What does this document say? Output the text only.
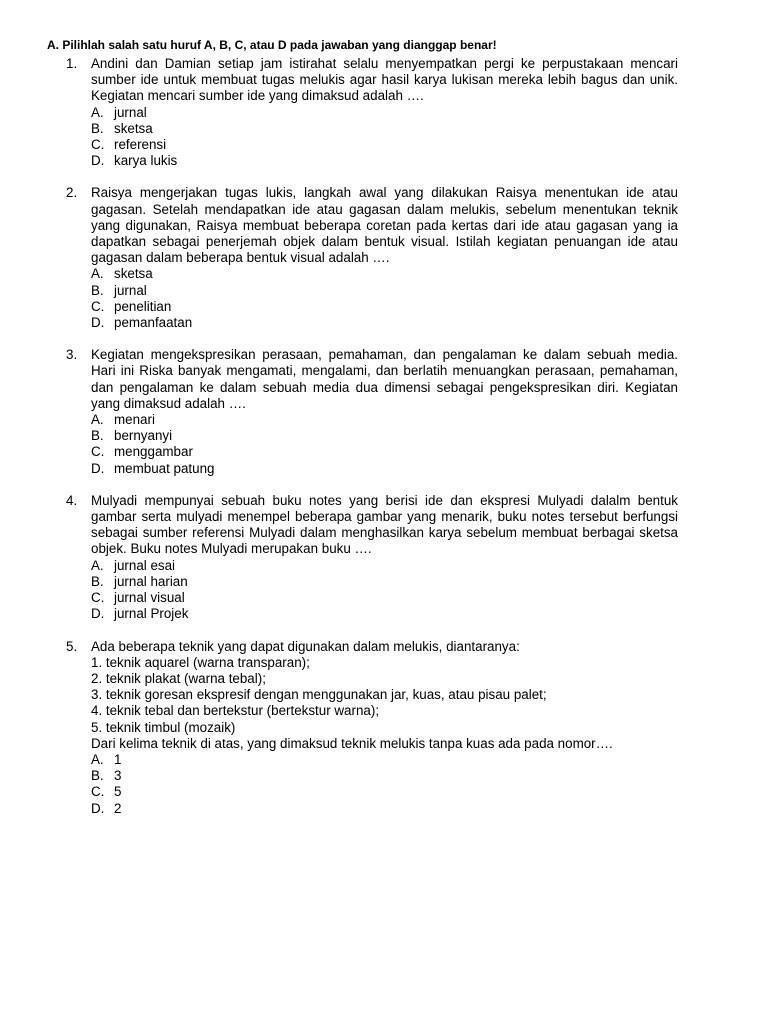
A. Pilihlah salah satu huruf A, B, C, atau D pada jawaban yang dianggap benar!
1. Andini dan Damian setiap jam istirahat selalu menyempatkan pergi ke perpustakaan mencari sumber ide untuk membuat tugas melukis agar hasil karya lukisan mereka lebih bagus dan unik. Kegiatan mencari sumber ide yang dimaksud adalah ….
A. jurnal
B. sketsa
C. referensi
D. karya lukis
2. Raisya mengerjakan tugas lukis, langkah awal yang dilakukan Raisya menentukan ide atau gagasan. Setelah mendapatkan ide atau gagasan dalam melukis, sebelum menentukan teknik yang digunakan, Raisya membuat beberapa coretan pada kertas dari ide atau gagasan yang ia dapatkan sebagai penerjemah objek dalam bentuk visual. Istilah kegiatan penuangan ide atau gagasan dalam beberapa bentuk visual adalah ….
A. sketsa
B. jurnal
C. penelitian
D. pemanfaatan
3. Kegiatan mengekspresikan perasaan, pemahaman, dan pengalaman ke dalam sebuah media. Hari ini Riska banyak mengamati, mengalami, dan berlatih menuangkan perasaan, pemahaman, dan pengalaman ke dalam sebuah media dua dimensi sebagai pengekspresikan diri. Kegiatan yang dimaksud adalah ….
A. menari
B. bernyanyi
C. menggambar
D. membuat patung
4. Mulyadi mempunyai sebuah buku notes yang berisi ide dan ekspresi Mulyadi dalalm bentuk gambar serta mulyadi menempel beberapa gambar yang menarik, buku notes tersebut berfungsi sebagai sumber referensi Mulyadi dalam menghasilkan karya sebelum membuat berbagai sketsa objek. Buku notes Mulyadi merupakan buku ….
A. jurnal esai
B. jurnal harian
C. jurnal visual
D. jurnal Projek
5. Ada beberapa teknik yang dapat digunakan dalam melukis, diantaranya:
1. teknik aquarel (warna transparan);
2. teknik plakat (warna tebal);
3. teknik goresan ekspresif dengan menggunakan jar, kuas, atau pisau palet;
4. teknik tebal dan bertekstur (bertekstur warna);
5. teknik timbul (mozaik)
Dari kelima teknik di atas, yang dimaksud teknik melukis tanpa kuas ada pada nomor….
A. 1
B. 3
C. 5
D. 2
